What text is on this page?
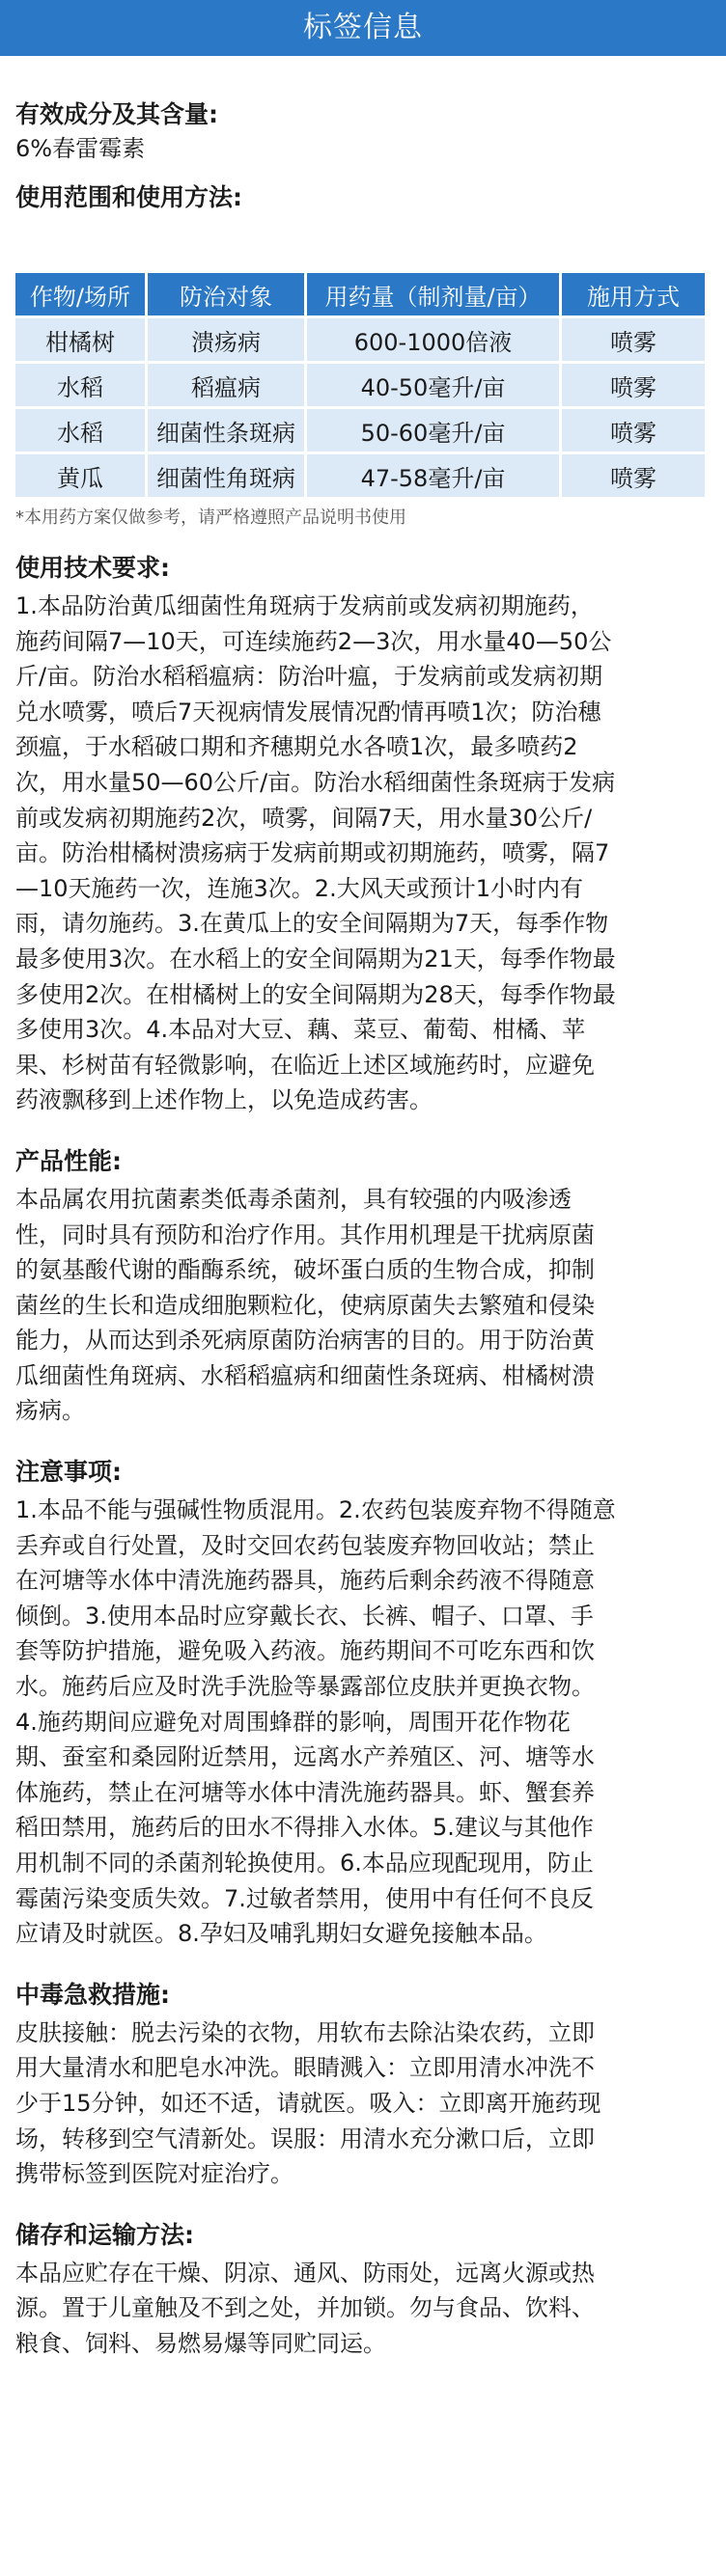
标签信息
有效成分及其含量:
6%春雷霉素
使用范围和使用方法:
作物/场所	防治对象	用药量（制剂量/亩）	施用方式
柑橘树	溃疡病	600-1000倍液	喷雾
水稻	稻瘟病	40-50毫升/亩	喷雾
水稻	细菌性条斑病	50-60毫升/亩	喷雾
黄瓜	细菌性角斑病	47-58毫升/亩	喷雾
*本用药方案仅做参考，请严格遵照产品说明书使用
使用技术要求:
1.本品防治黄瓜细菌性角斑病于发病前或发病初期施药，
施药间隔7—10天，可连续施药2—3次，用水量40—50公
斤/亩。防治水稻稻瘟病：防治叶瘟，于发病前或发病初期
兑水喷雾，喷后7天视病情发展情况酌情再喷1次；防治穗
颈瘟，于水稻破口期和齐穗期兑水各喷1次，最多喷药2
次，用水量50—60公斤/亩。防治水稻细菌性条斑病于发病
前或发病初期施药2次，喷雾，间隔7天，用水量30公斤/
亩。防治柑橘树溃疡病于发病前期或初期施药，喷雾，隔7
—10天施药一次，连施3次。2.大风天或预计1小时内有
雨，请勿施药。3.在黄瓜上的安全间隔期为7天，每季作物
最多使用3次。在水稻上的安全间隔期为21天，每季作物最
多使用2次。在柑橘树上的安全间隔期为28天，每季作物最
多使用3次。4.本品对大豆、藕、菜豆、葡萄、柑橘、苹
果、杉树苗有轻微影响，在临近上述区域施药时，应避免
药液飘移到上述作物上，以免造成药害。
产品性能:
本品属农用抗菌素类低毒杀菌剂，具有较强的内吸渗透
性，同时具有预防和治疗作用。其作用机理是干扰病原菌
的氨基酸代谢的酯酶系统，破坏蛋白质的生物合成，抑制
菌丝的生长和造成细胞颗粒化，使病原菌失去繁殖和侵染
能力，从而达到杀死病原菌防治病害的目的。用于防治黄
瓜细菌性角斑病、水稻稻瘟病和细菌性条斑病、柑橘树溃
疡病。
注意事项:
1.本品不能与强碱性物质混用。2.农药包装废弃物不得随意
丢弃或自行处置，及时交回农药包装废弃物回收站；禁止
在河塘等水体中清洗施药器具，施药后剩余药液不得随意
倾倒。3.使用本品时应穿戴长衣、长裤、帽子、口罩、手
套等防护措施，避免吸入药液。施药期间不可吃东西和饮
水。施药后应及时洗手洗脸等暴露部位皮肤并更换衣物。
4.施药期间应避免对周围蜂群的影响，周围开花作物花
期、蚕室和桑园附近禁用，远离水产养殖区、河、塘等水
体施药，禁止在河塘等水体中清洗施药器具。虾、蟹套养
稻田禁用，施药后的田水不得排入水体。5.建议与其他作
用机制不同的杀菌剂轮换使用。6.本品应现配现用，防止
霉菌污染变质失效。7.过敏者禁用，使用中有任何不良反
应请及时就医。8.孕妇及哺乳期妇女避免接触本品。
中毒急救措施:
皮肤接触：脱去污染的衣物，用软布去除沾染农药，立即
用大量清水和肥皂水冲洗。眼睛溅入：立即用清水冲洗不
少于15分钟，如还不适，请就医。吸入：立即离开施药现
场，转移到空气清新处。误服：用清水充分漱口后，立即
携带标签到医院对症治疗。
储存和运输方法:
本品应贮存在干燥、阴凉、通风、防雨处，远离火源或热
源。置于儿童触及不到之处，并加锁。勿与食品、饮料、
粮食、饲料、易燃易爆等同贮同运。
